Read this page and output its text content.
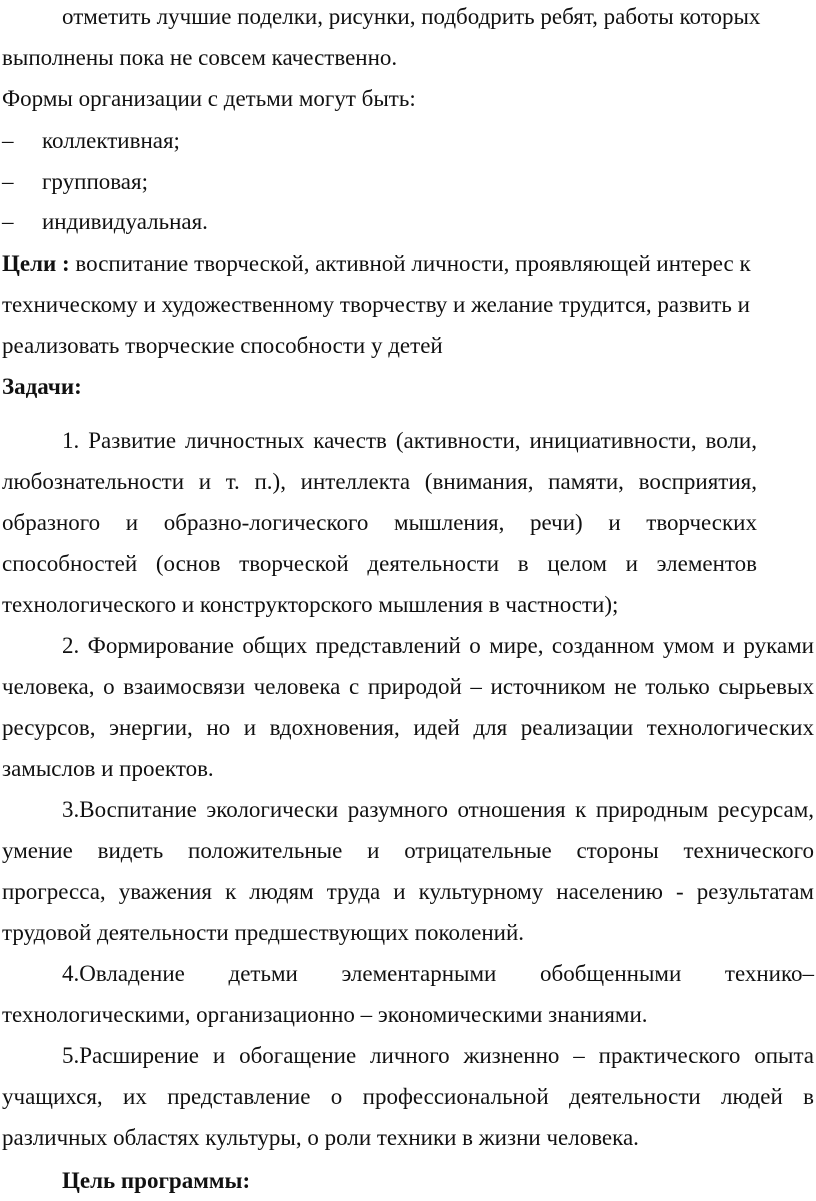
отметить лучшие поделки, рисунки, подбодрить ребят, работы которых
выполнены пока не совсем качественно.
Формы организации с детьми могут быть:
– коллективная;
– групповая;
– индивидуальная.
Цели : воспитание творческой, активной личности, проявляющей интерес к
техническому и художественному творчеству и желание трудится, развить и
реализовать творческие способности у детей
Задачи:
1. Развитие личностных качеств (активности, инициативности, воли,
любознательности и т. п.), интеллекта (внимания, памяти, восприятия,
образного и образно-логического мышления, речи) и творческих
способностей (основ творческой деятельности в целом и элементов
технологического и конструкторского мышления в частности);
2. Формирование общих представлений о мире, созданном умом и руками
человека, о взаимосвязи человека с природой – источником не только сырьевых
ресурсов, энергии, но и вдохновения, идей для реализации технологических
замыслов и проектов.
3.Воспитание экологически разумного отношения к природным ресурсам,
умение видеть положительные и отрицательные стороны технического
прогресса, уважения к людям труда и культурному населению - результатам
трудовой деятельности предшествующих поколений.
4.Овладение детьми элементарными обобщенными технико–
технологическими, организационно – экономическими знаниями.
5.Расширение и обогащение личного жизненно – практического опыта
учащихся, их представление о профессиональной деятельности людей в
различных областях культуры, о роли техники в жизни человека.
Цель программы:
